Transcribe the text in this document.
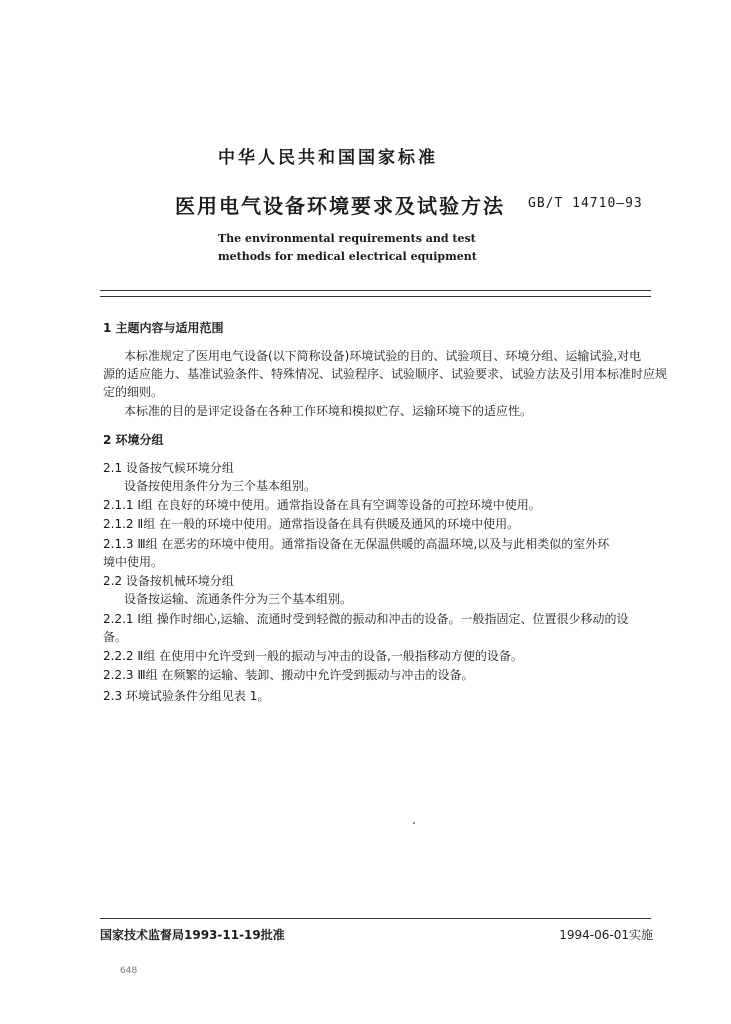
中华人民共和国国家标准
医用电气设备环境要求及试验方法 GB/T 14710—93
The environmental requirements and test
methods for medical electrical equipment
1 主题内容与适用范围
本标准规定了医用电气设备(以下简称设备)环境试验的目的、试验项目、环境分组、运输试验,对电
源的适应能力、基准试验条件、特殊情况、试验程序、试验顺序、试验要求、试验方法及引用本标准时应规
定的细则。
本标准的目的是评定设备在各种工作环境和模拟贮存、运输环境下的适应性。
2 环境分组
2.1 设备按气候环境分组
设备按使用条件分为三个基本组别。
2.1.1 Ⅰ组 在良好的环境中使用。通常指设备在具有空调等设备的可控环境中使用。
2.1.2 Ⅱ组 在一般的环境中使用。通常指设备在具有供暖及通风的环境中使用。
2.1.3 Ⅲ组 在恶劣的环境中使用。通常指设备在无保温供暖的高温环境,以及与此相类似的室外环
境中使用。
2.2 设备按机械环境分组
设备按运输、流通条件分为三个基本组别。
2.2.1 Ⅰ组 操作时细心,运输、流通时受到轻微的振动和冲击的设备。一般指固定、位置很少移动的设
备。
2.2.2 Ⅱ组 在使用中允许受到一般的振动与冲击的设备,一般指移动方便的设备。
2.2.3 Ⅲ组 在频繁的运输、装卸、搬动中允许受到振动与冲击的设备。
2.3 环境试验条件分组见表 1。
国家技术监督局1993-11-19批准	1994-06-01实施
648
